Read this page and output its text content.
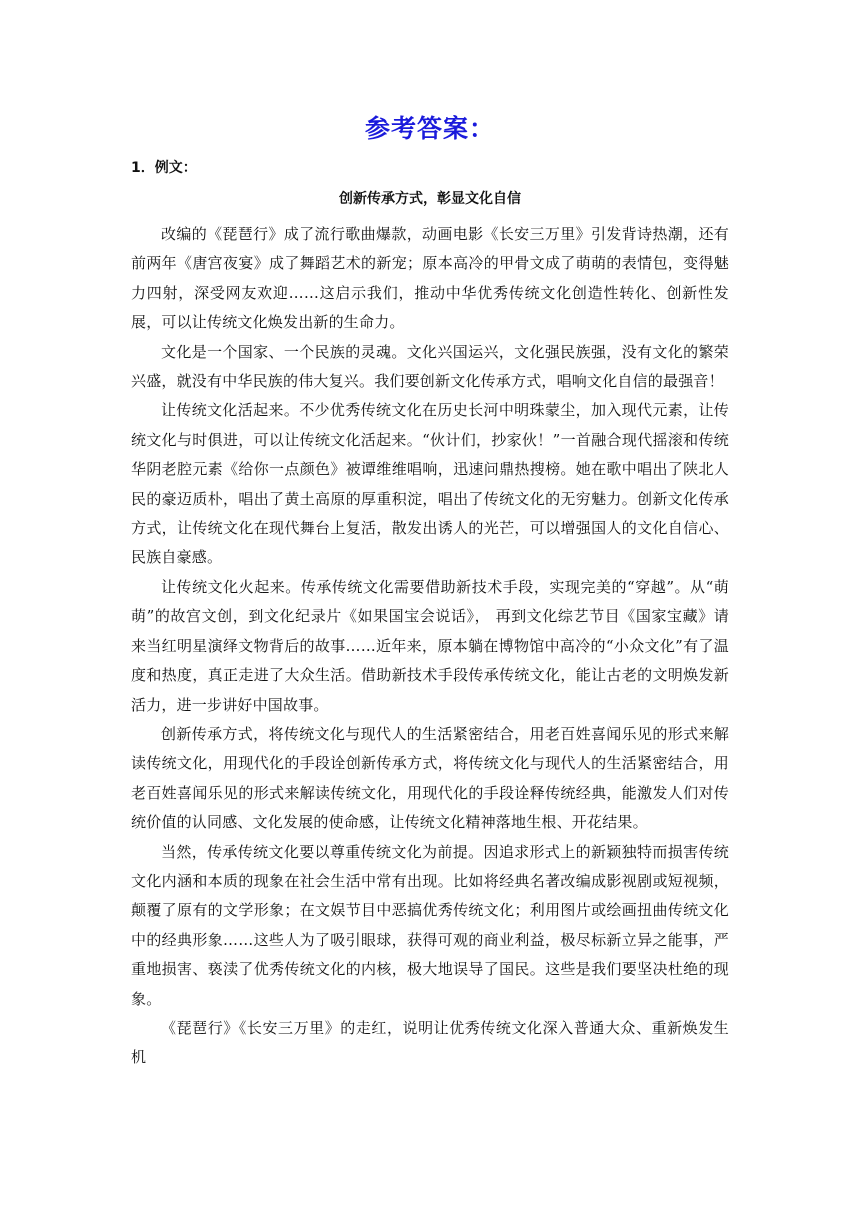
参考答案：

1．例文：

创新传承方式，彰显文化自信

改编的《琵琶行》成了流行歌曲爆款，动画电影《长安三万里》引发背诗热潮，还有前两年《唐宫夜宴》成了舞蹈艺术的新宠；原本高冷的甲骨文成了萌萌的表情包，变得魅力四射，深受网友欢迎……这启示我们，推动中华优秀传统文化创造性转化、创新性发展，可以让传统文化焕发出新的生命力。

文化是一个国家、一个民族的灵魂。文化兴国运兴，文化强民族强，没有文化的繁荣兴盛，就没有中华民族的伟大复兴。我们要创新文化传承方式，唱响文化自信的最强音！

让传统文化活起来。不少优秀传统文化在历史长河中明珠蒙尘，加入现代元素，让传统文化与时俱进，可以让传统文化活起来。“伙计们，抄家伙！”一首融合现代摇滚和传统华阴老腔元素《给你一点颜色》被谭维维唱响，迅速问鼎热搜榜。她在歌中唱出了陕北人民的豪迈质朴，唱出了黄土高原的厚重积淀，唱出了传统文化的无穷魅力。创新文化传承方式，让传统文化在现代舞台上复活，散发出诱人的光芒，可以增强国人的文化自信心、民族自豪感。

让传统文化火起来。传承传统文化需要借助新技术手段，实现完美的“穿越”。从“萌萌”的故宫文创，到文化纪录片《如果国宝会说话》， 再到文化综艺节目《国家宝藏》请来当红明星演绎文物背后的故事……近年来，原本躺在博物馆中高冷的“小众文化”有了温度和热度，真正走进了大众生活。借助新技术手段传承传统文化，能让古老的文明焕发新活力，进一步讲好中国故事。

创新传承方式，将传统文化与现代人的生活紧密结合，用老百姓喜闻乐见的形式来解读传统文化，用现代化的手段诠创新传承方式，将传统文化与现代人的生活紧密结合，用老百姓喜闻乐见的形式来解读传统文化，用现代化的手段诠释传统经典，能激发人们对传统价值的认同感、文化发展的使命感，让传统文化精神落地生根、开花结果。

当然，传承传统文化要以尊重传统文化为前提。因追求形式上的新颖独特而损害传统文化内涵和本质的现象在社会生活中常有出现。比如将经典名著改编成影视剧或短视频，颠覆了原有的文学形象；在文娱节目中恶搞优秀传统文化；利用图片或绘画扭曲传统文化中的经典形象……这些人为了吸引眼球，获得可观的商业利益，极尽标新立异之能事，严重地损害、亵渎了优秀传统文化的内核，极大地误导了国民。这些是我们要坚决杜绝的现象。

《琵琶行》《长安三万里》的走红，说明让优秀传统文化深入普通大众、重新焕发生机
